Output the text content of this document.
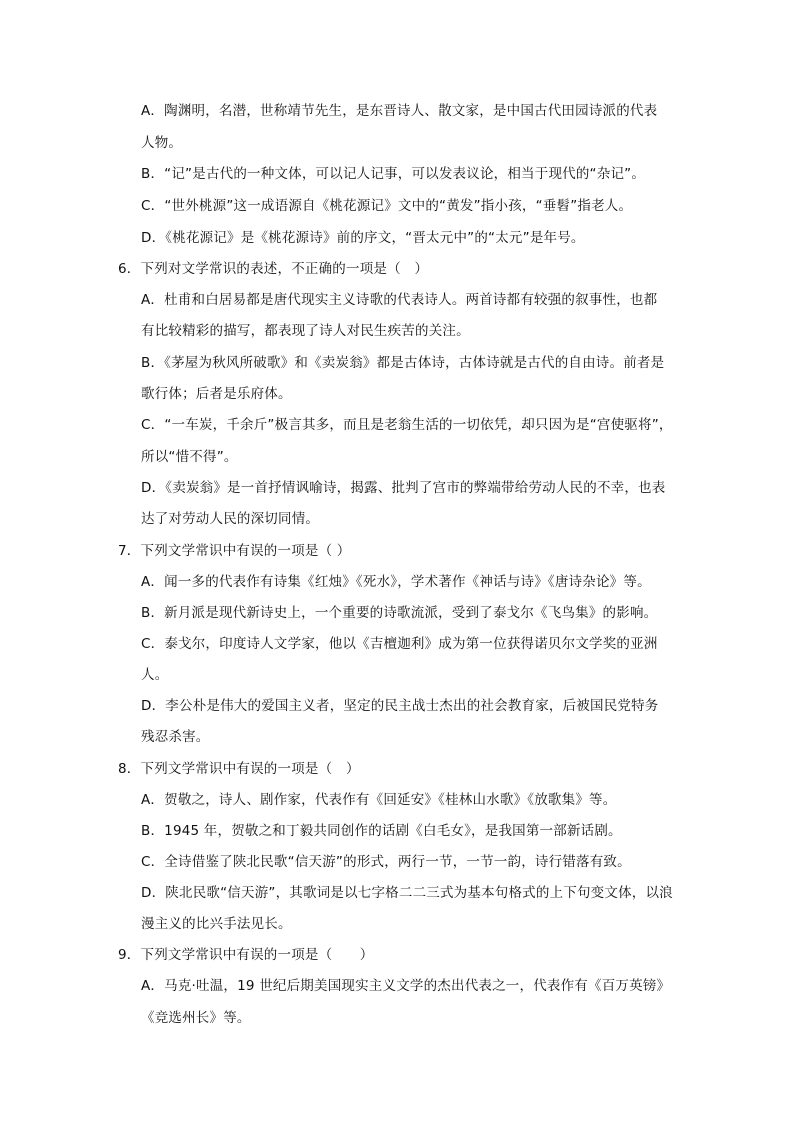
A．陶渊明，名潜，世称靖节先生，是东晋诗人、散文家，是中国古代田园诗派的代表
人物。
B．“记”是古代的一种文体，可以记人记事，可以发表议论，相当于现代的“杂记”。
C．“世外桃源”这一成语源自《桃花源记》文中的“黄发”指小孩，“垂髫”指老人。
D．《桃花源记》是《桃花源诗》前的序文，“晋太元中”的“太元”是年号。
6．下列对文学常识的表述，不正确的一项是（　）
A．杜甫和白居易都是唐代现实主义诗歌的代表诗人。两首诗都有较强的叙事性，也都
有比较精彩的描写，都表现了诗人对民生疾苦的关注。
B．《茅屋为秋风所破歌》和《卖炭翁》都是古体诗，古体诗就是古代的自由诗。前者是
歌行体；后者是乐府体。
C．“一车炭，千余斤”极言其多，而且是老翁生活的一切依凭，却只因为是“宫使驱将”，
所以“惜不得”。
D．《卖炭翁》是一首抒情讽喻诗，揭露、批判了宫市的弊端带给劳动人民的不幸，也表
达了对劳动人民的深切同情。
7．下列文学常识中有误的一项是（ ）
A．闻一多的代表作有诗集《红烛》《死水》，学术著作《神话与诗》《唐诗杂论》等。
B．新月派是现代新诗史上，一个重要的诗歌流派，受到了泰戈尔《飞鸟集》的影响。
C．泰戈尔，印度诗人文学家，他以《吉檀迦利》成为第一位获得诺贝尔文学奖的亚洲
人。
D．李公朴是伟大的爱国主义者，坚定的民主战士杰出的社会教育家，后被国民党特务
残忍杀害。
8．下列文学常识中有误的一项是（　）
A．贺敬之，诗人、剧作家，代表作有《回延安》《桂林山水歌》《放歌集》等。
B．1945 年，贺敬之和丁毅共同创作的话剧《白毛女》，是我国第一部新话剧。
C．全诗借鉴了陕北民歌“信天游”的形式，两行一节，一节一韵，诗行错落有致。
D．陕北民歌“信天游”，其歌词是以七字格二二三式为基本句格式的上下句变文体，以浪
漫主义的比兴手法见长。
9．下列文学常识中有误的一项是（　　）
A．马克·吐温，19 世纪后期美国现实主义文学的杰出代表之一，代表作有《百万英镑》
《竞选州长》等。
